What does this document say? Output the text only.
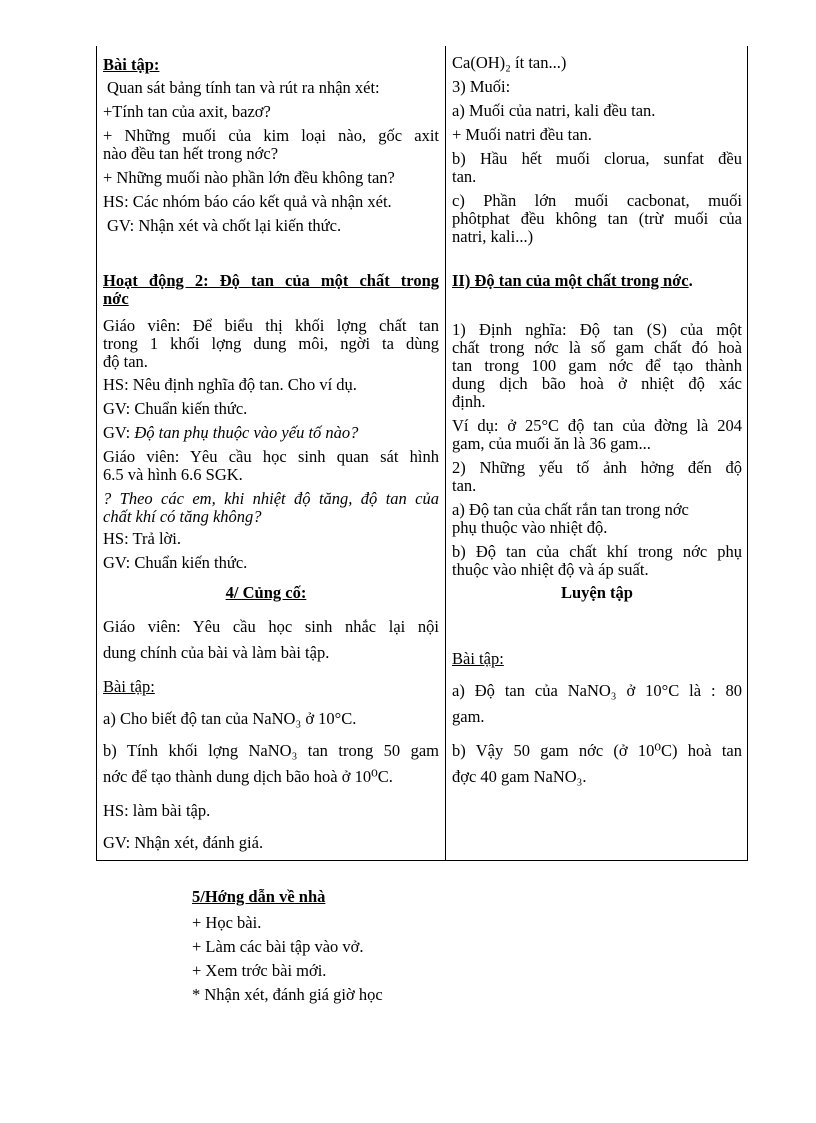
Bài tập:
Quan sát bảng tính tan và rút ra nhận xét:
+Tính tan của axit, bazơ?
+ Những muối của kim loại nào, gốc axit
nào đều tan hết trong nớc?
+ Những muối nào phần lớn đều không tan?
HS: Các nhóm báo cáo kết quả và nhận xét.
GV: Nhận xét và chốt lại kiến thức.
Hoạt động 2: Độ tan của một chất trong
nớc
Giáo viên: Để biểu thị khối lợng chất tan
trong 1 khối lợng dung môi, ngời ta dùng
độ tan.
HS: Nêu định nghĩa độ tan. Cho ví dụ.
GV: Chuẩn kiến thức.
GV: Độ tan phụ thuộc vào yếu tố nào?
Giáo viên: Yêu cầu học sinh quan sát hình
6.5 và hình 6.6 SGK.
? Theo các em, khi nhiệt độ tăng, độ tan của
chất khí có tăng không?
HS: Trả lời.
GV: Chuẩn kiến thức.
4/ Củng cố:
Giáo viên: Yêu cầu học sinh nhắc lại nội
dung chính của bài và làm bài tập.
Bài tập:
a) Cho biết độ tan của NaNO₃ ở 10°C.
b) Tính khối lợng NaNO₃ tan trong 50 gam
nớc để tạo thành dung dịch bão hoà ở 10⁰C.
HS: làm bài tập.
GV: Nhận xét, đánh giá.
Ca(OH)₂ ít tan...)
3) Muối:
a) Muối của natri, kali đều tan.
+ Muối natri đều tan.
b) Hầu hết muối clorua, sunfat đều
tan.
c) Phần lớn muối cacbonat, muối
phôtphat đều không tan (trừ muối của
natri, kali...)
II) Độ tan của một chất trong nớc.
1) Định nghĩa: Độ tan (S) của một
chất trong nớc là số gam chất đó hoà
tan trong 100 gam nớc để tạo thành
dung dịch bão hoà ở nhiệt độ xác
định.
Ví dụ: ở 25°C độ tan của đờng là 204
gam, của muối ăn là 36 gam...
2) Những yếu tố ảnh hởng đến độ
tan.
a) Độ tan của chất rắn tan trong nớc
phụ thuộc vào nhiệt độ.
b) Độ tan của chất khí trong nớc phụ
thuộc vào nhiệt độ và áp suất.
Luyện tập
Bài tập:
a) Độ tan của NaNO₃ ở 10°C là : 80
gam.
b) Vậy 50 gam nớc (ở 10⁰C) hoà tan
đợc 40 gam NaNO₃.
5/Hớng dẫn về nhà
+ Học bài.
+ Làm các bài tập vào vở.
+ Xem trớc bài mới.
* Nhận xét, đánh giá giờ học
